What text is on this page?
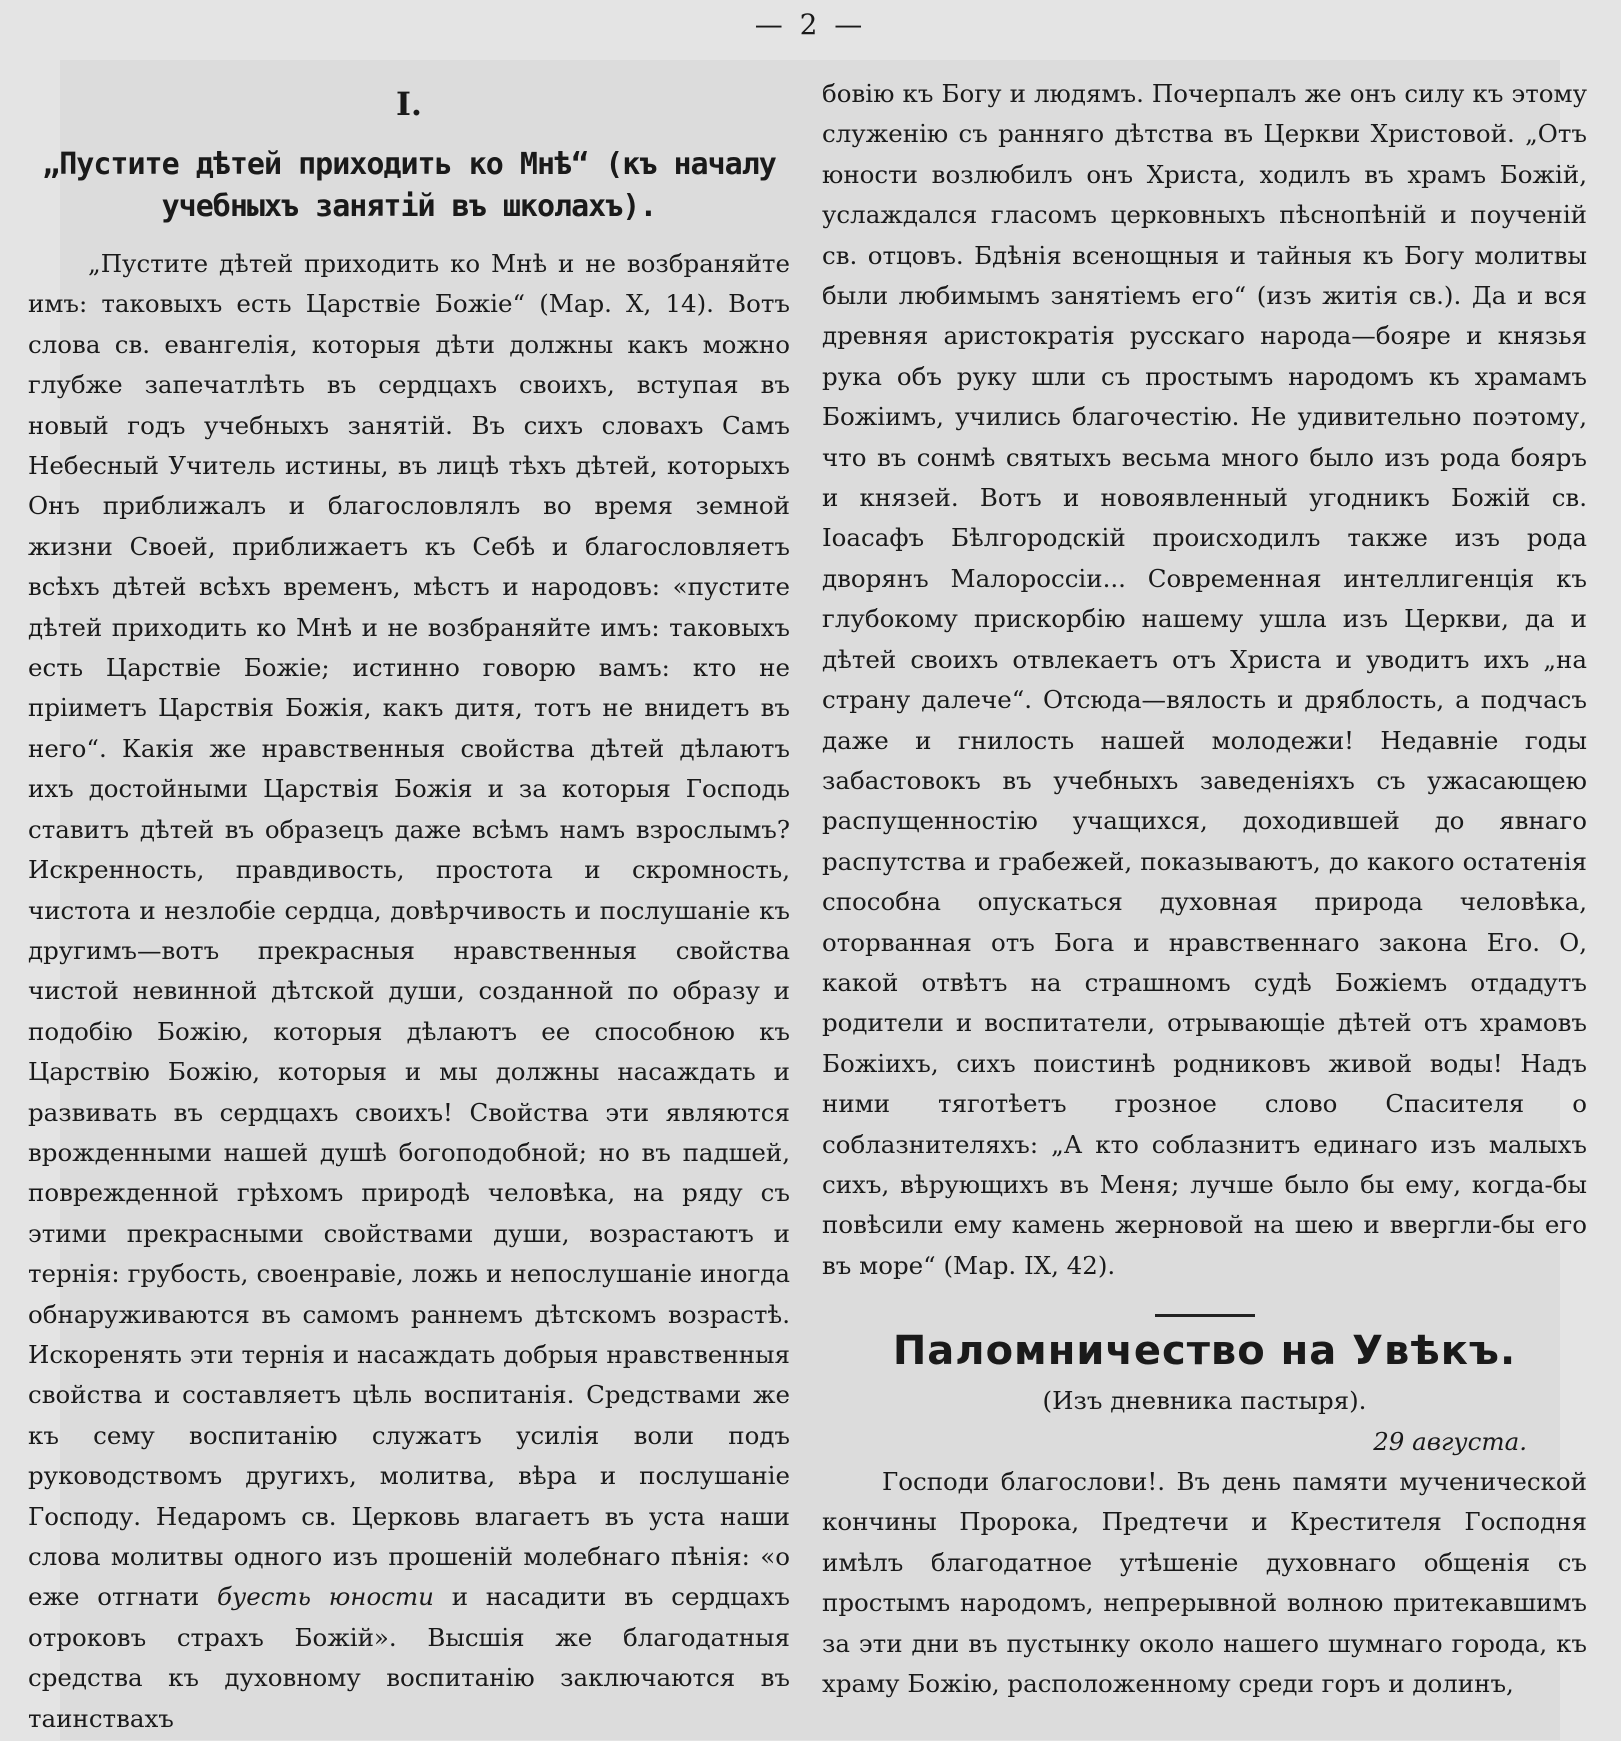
— 2 —
I.
„Пустите дѣтей приходить ко Мнѣ“ (къ началу учебныхъ занятій въ школахъ).

„Пустите дѣтей приходить ко Мнѣ и не возбраняйте имъ: таковыхъ есть Царствіе Божіе“ (Мар. X, 14). Вотъ слова св. евангелія, которыя дѣти должны какъ можно глубже запечатлѣть въ сердцахъ своихъ, вступая въ новый годъ учебныхъ занятій. Въ сихъ словахъ Самъ Небесный Учитель истины, въ лицѣ тѣхъ дѣтей, которыхъ Онъ приближалъ и благословлялъ во время земной жизни Своей, приближаетъ къ Себѣ и благословляетъ всѣхъ дѣтей всѣхъ временъ, мѣстъ и народовъ: «пустите дѣтей приходить ко Мнѣ и не возбраняйте имъ: таковыхъ есть Царствіе Божіе; истинно говорю вамъ: кто не пріиметъ Царствія Божія, какъ дитя, тотъ не внидетъ въ него“. Какія же нравственныя свойства дѣтей дѣлаютъ ихъ достойными Царствія Божія и за которыя Господь ставитъ дѣтей въ образецъ даже всѣмъ намъ взрослымъ? Искренность, правдивость, простота и скромность, чистота и незлобіе сердца, довѣрчивость и послушаніе къ другимъ—вотъ прекрасныя нравственныя свойства чистой невинной дѣтской души, созданной по образу и подобію Божію, которыя дѣлаютъ ее способною къ Царствію Божію, которыя и мы должны насаждать и развивать въ сердцахъ своихъ! Свойства эти являются врожденными нашей душѣ богоподобной; но въ падшей, поврежденной грѣхомъ природѣ человѣка, на ряду съ этими прекрасными свойствами души, возрастаютъ и тернія: грубость, своенравіе, ложь и непослушаніе иногда обнаруживаются въ самомъ раннемъ дѣтскомъ возрастѣ. Искоренять эти тернія и насаждать добрыя нравственныя свойства и составляетъ цѣль воспитанія. Средствами же къ сему воспитанію служатъ усилія воли подъ руководствомъ другихъ, молитва, вѣра и послушаніе Господу. Недаромъ св. Церковь влагаетъ въ уста наши слова молитвы одного изъ прошеній молебнаго пѣнія: «о еже отгнати буесть юности и насадити въ сердцахъ отроковъ страхъ Божій». Высшія же благодатныя средства къ духовному воспитанію заключаются въ таинствахъ

бовію къ Богу и людямъ. Почерпалъ же онъ силу къ этому служенію съ ранняго дѣтства въ Церкви Христовой. „Отъ юности возлюбилъ онъ Христа, ходилъ въ храмъ Божій, услаждался гласомъ церковныхъ пѣснопѣній и поученій св. отцовъ. Бдѣнія всенощныя и тайныя къ Богу молитвы были любимымъ занятіемъ его“ (изъ житія св.). Да и вся древняя аристократія русскаго народа—бояре и князья рука объ руку шли съ простымъ народомъ къ храмамъ Божіимъ, учились благочестію. Не удивительно поэтому, что въ сонмѣ святыхъ весьма много было изъ рода бояръ и князей. Вотъ и новоявленный угодникъ Божій св. Іоасафъ Бѣлгородскій происходилъ также изъ рода дворянъ Малороссіи... Современная интеллигенція къ глубокому прискорбію нашему ушла изъ Церкви, да и дѣтей своихъ отвлекаетъ отъ Христа и уводитъ ихъ „на страну далече“. Отсюда—вялость и дряблость, а подчасъ даже и гнилость нашей молодежи! Недавніе годы забастовокъ въ учебныхъ заведеніяхъ съ ужасающею распущенностію учащихся, доходившей до явнаго распутства и грабежей, показываютъ, до какого остатенія способна опускаться духовная природа человѣка, оторванная отъ Бога и нравственнаго закона Его. О, какой отвѣтъ на страшномъ судѣ Божіемъ отдадутъ родители и воспитатели, отрывающіе дѣтей отъ храмовъ Божіихъ, сихъ поистинѣ родниковъ живой воды! Надъ ними тяготѣетъ грозное слово Спасителя о соблазнителяхъ: „А кто соблазнитъ единаго изъ малыхъ сихъ, вѣрующихъ въ Меня; лучше было бы ему, когда-бы повѣсили ему камень жерновой на шею и ввергли-бы его въ море“ (Мар. IX, 42).

Паломничество на Увѣкъ.
(Изъ дневника пастыря).
29 августа.

Господи благослови!. Въ день памяти мученической кончины Пророка, Предтечи и Крестителя Господня имѣлъ благодатное утѣшеніе духовнаго общенія съ простымъ народомъ, непрерывной волною притекавшимъ за эти дни въ пустынку около нашего шумнаго города, къ храму Божію, расположенному среди горъ и долинъ,
